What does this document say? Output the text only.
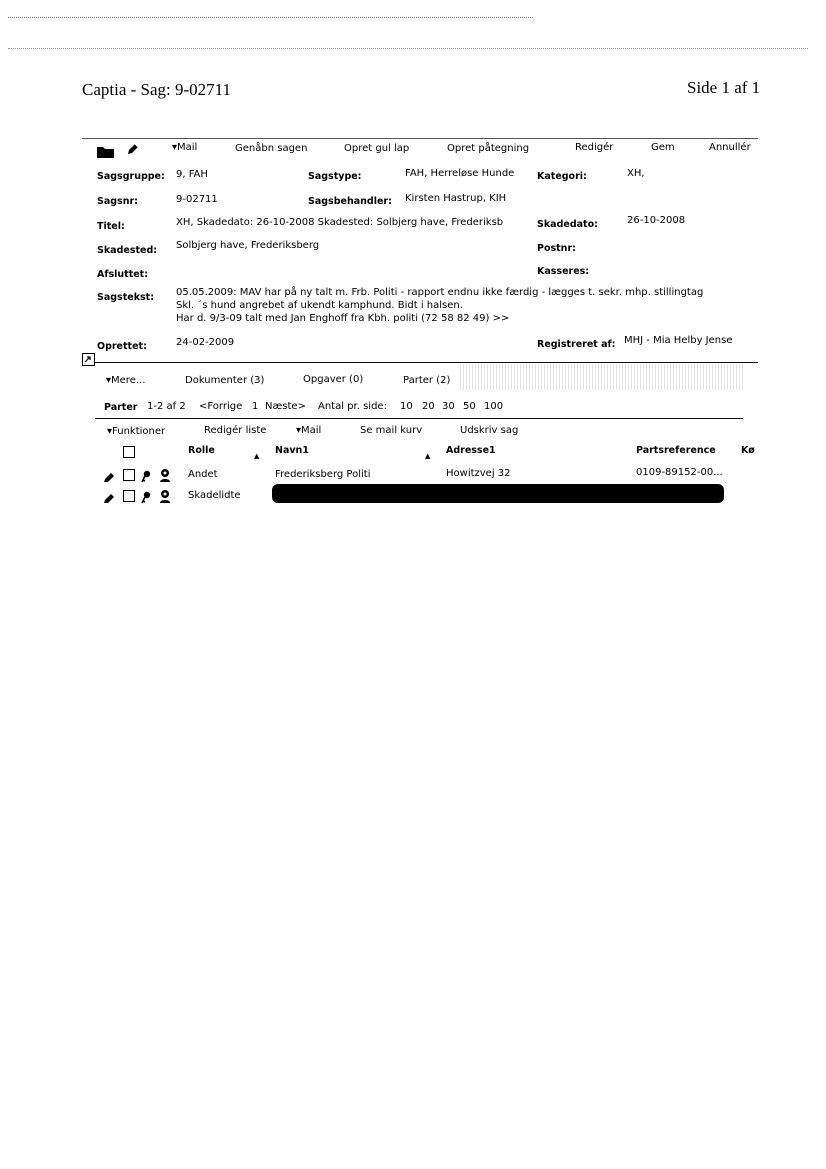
Captia - Sag: 9-02711	Side 1 af 1
▾Mail	Genåbn sagen	Opret gul lap	Opret påtegning	Redigér	Gem	Annullér
Sagsgruppe: 9, FAH	Sagstype:	FAH, Herreløse Hunde Kategori:	XH,
Sagsnr:	9-02711	Sagsbehandler: Kirsten Hastrup, KIH
Titel:	XH, Skadedato: 26-10-2008 Skadested: Solbjerg have, Frederiksb	Skadedato:	26-10-2008
Skadested: Solbjerg have, Frederiksberg	Postnr:
Afsluttet:	Kasseres:
Sagstekst: 05.05.2009: MAV har på ny talt m. Frb. Politi - rapport endnu ikke færdig - lægges t. sekr. mhp. stillingtag
Skl. ´s hund angrebet af ukendt kamphund. Bidt i halsen.
Har d. 9/3-09 talt med Jan Enghoff fra Kbh. politi (72 58 82 49) >>
Oprettet:	24-02-2009	Registreret af: MHJ - Mia Helby Jense
▾Mere...	Dokumenter (3)	Opgaver (0)	Parter (2)
Parter 1-2 af 2 <Forrige 1 Næste> Antal pr. side: 10 20 30 50 100
▾Funktioner	Redigér liste	▾Mail	Se mail kurv	Udskriv sag
Rolle	▲ Navn1	▲ Adresse1	Partsreference	Kø
Andet	Frederiksberg Politi	Howitzvej 32	0109-89152-00...
Skadelidte
